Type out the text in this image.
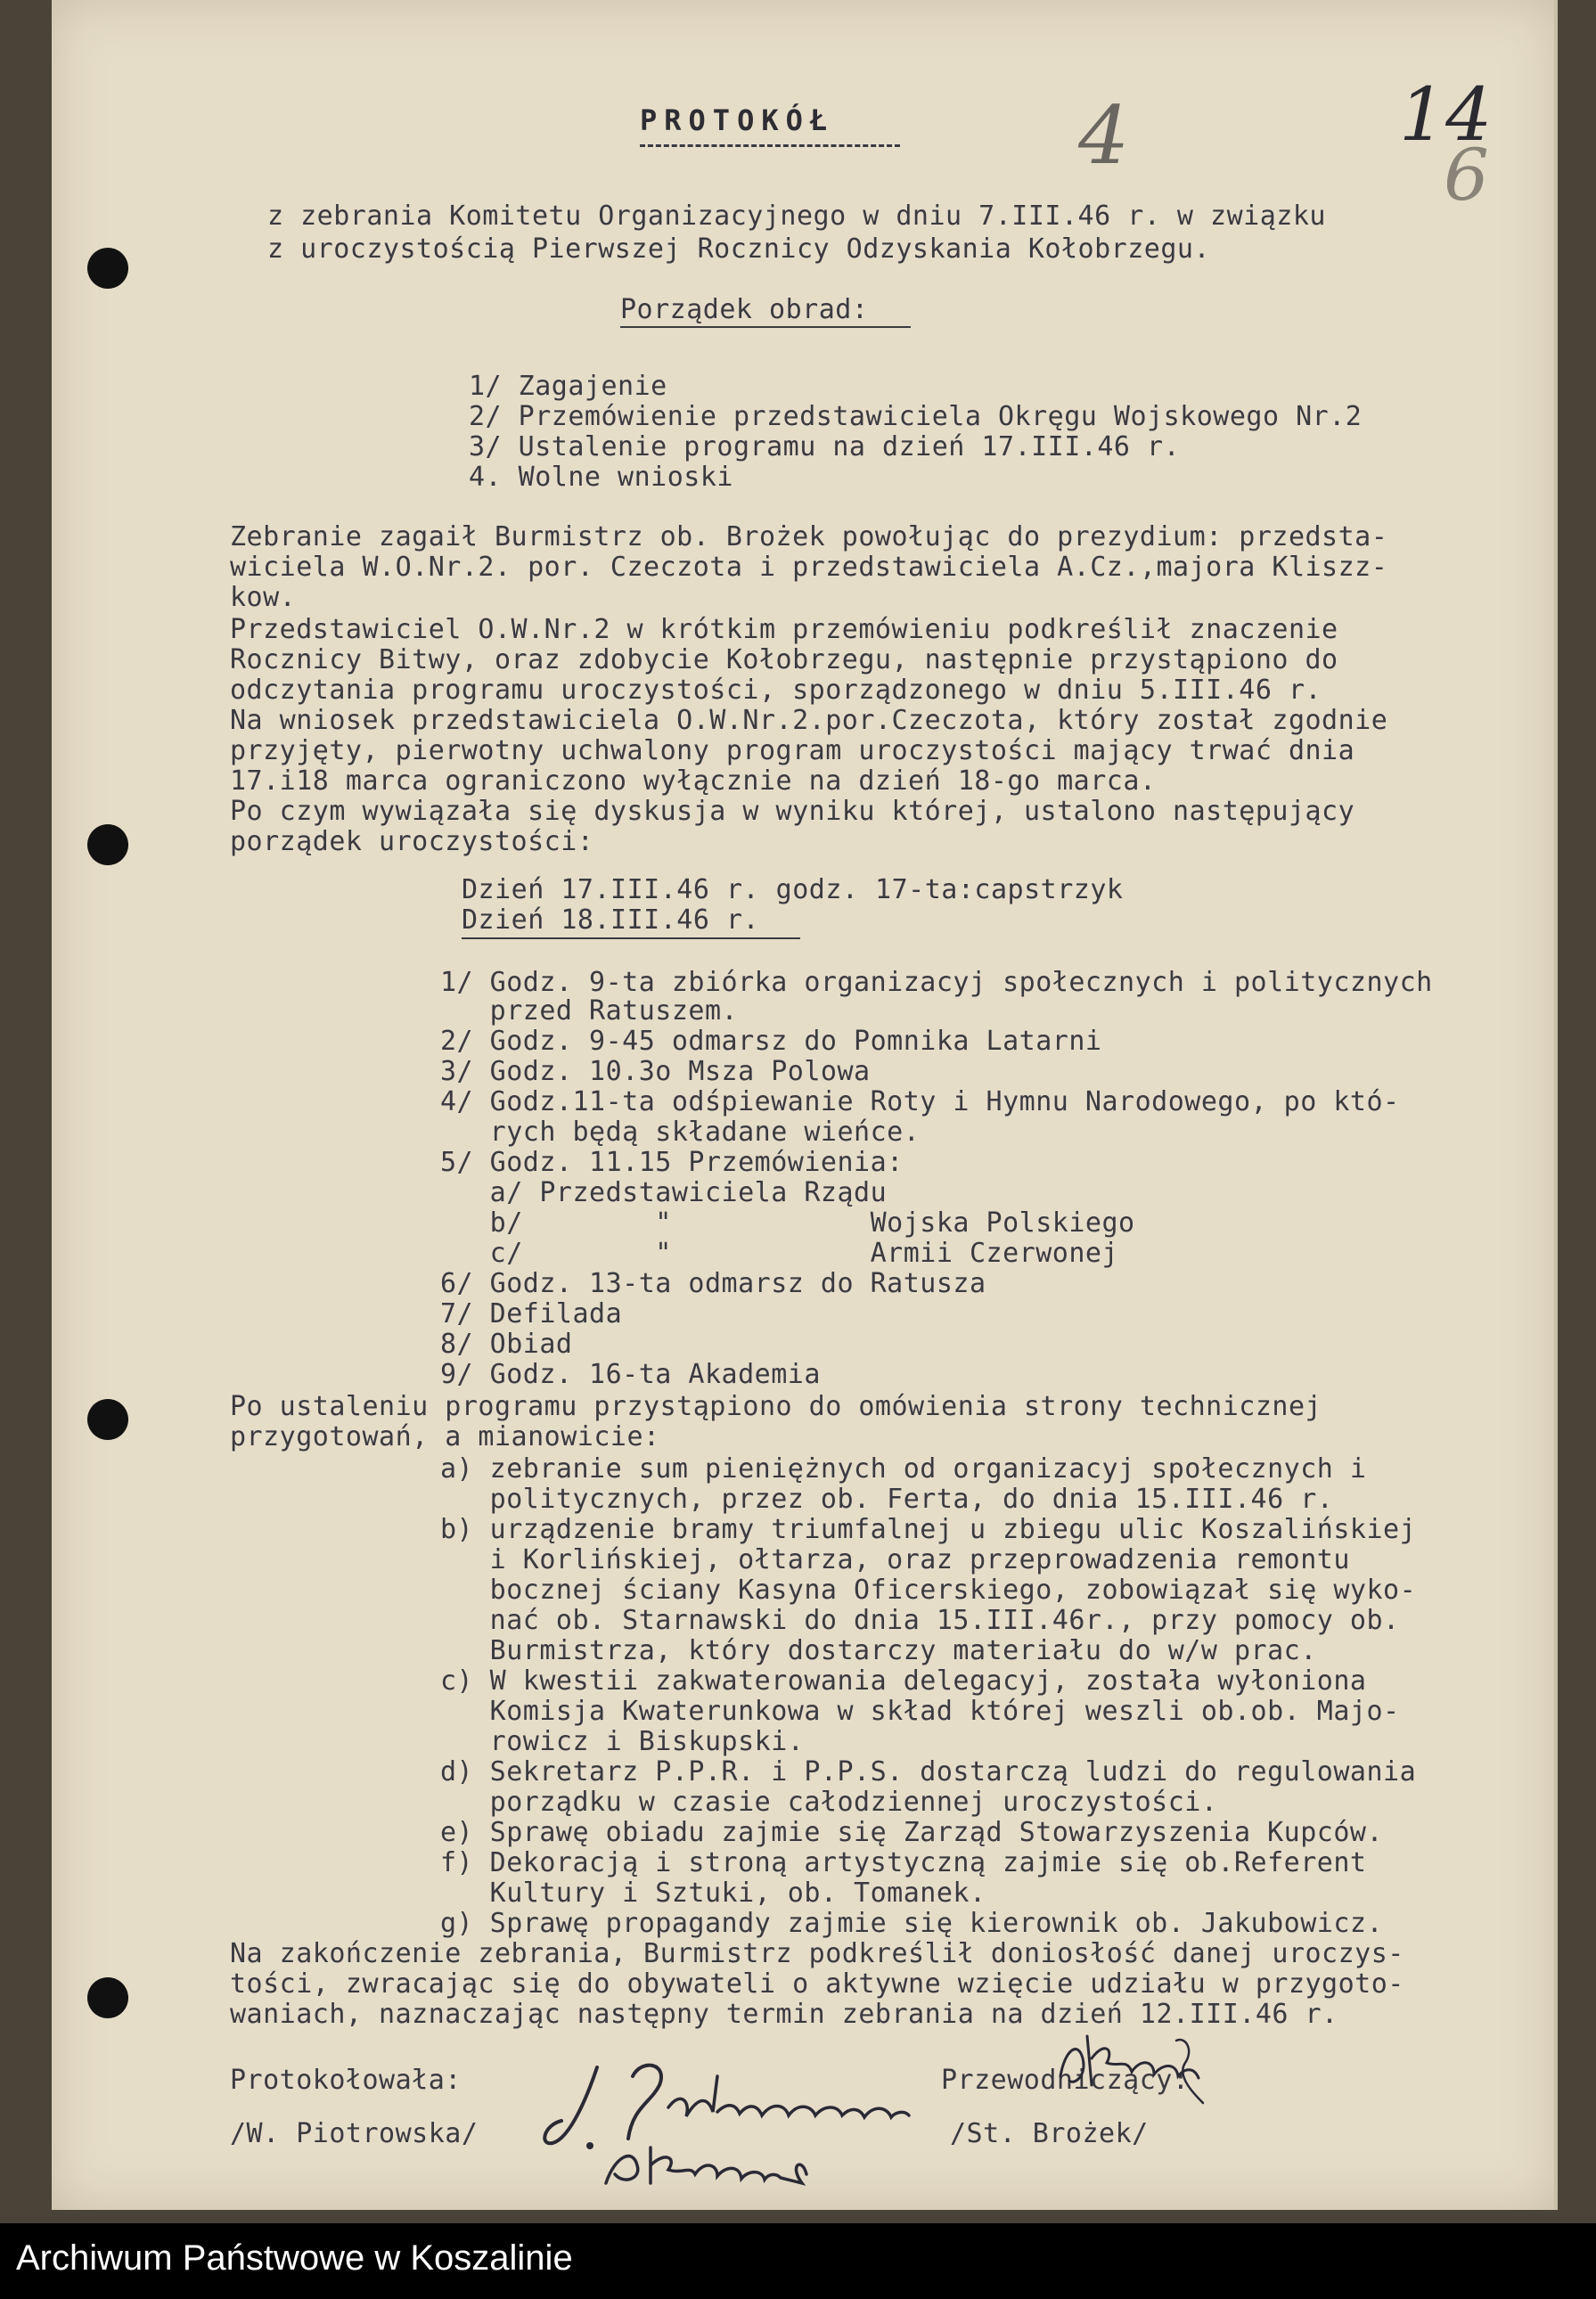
4	14
6
PROTOKÓŁ
z zebrania Komitetu Organizacyjnego w dniu 7.III.46 r. w związku
z uroczystością Pierwszej Rocznicy Odzyskania Kołobrzegu.
Porządek obrad:
1/ Zagajenie
2/ Przemówienie przedstawiciela Okręgu Wojskowego Nr.2
3/ Ustalenie programu na dzień 17.III.46 r.
4. Wolne wnioski
Zebranie zagaił Burmistrz ob. Brożek powołując do prezydium: przedsta-
wiciela W.O.Nr.2. por. Czeczota i przedstawiciela A.Cz.,majora Kliszz-
kow.
Przedstawiciel O.W.Nr.2 w krótkim przemówieniu podkreślił znaczenie
Rocznicy Bitwy, oraz zdobycie Kołobrzegu, następnie przystąpiono do
odczytania programu uroczystości, sporządzonego w dniu 5.III.46 r.
Na wniosek przedstawiciela O.W.Nr.2.por.Czeczota, który został zgodnie
przyjęty, pierwotny uchwalony program uroczystości mający trwać dnia
17.i18 marca ograniczono wyłącznie na dzień 18-go marca.
Po czym wywiązała się dyskusja w wyniku której, ustalono następujący
porządek uroczystości:
Dzień 17.III.46 r. godz. 17-ta:capstrzyk
Dzień 18.III.46 r.
1/ Godz. 9-ta zbiórka organizacyj społecznych i politycznych
przed Ratuszem.
2/ Godz. 9-45 odmarsz do Pomnika Latarni
3/ Godz. 10.3o Msza Polowa
4/ Godz.11-ta odśpiewanie Roty i Hymnu Narodowego, po któ-
rych będą składane wieńce.
5/ Godz. 11.15 Przemówienia:
a/ Przedstawiciela Rządu
b/        "            Wojska Polskiego
c/        "            Armii Czerwonej
6/ Godz. 13-ta odmarsz do Ratusza
7/ Defilada
8/ Obiad
9/ Godz. 16-ta Akademia
Po ustaleniu programu przystąpiono do omówienia strony technicznej
przygotowań, a mianowicie:
a) zebranie sum pieniężnych od organizacyj społecznych i
politycznych, przez ob. Ferta, do dnia 15.III.46 r.
b) urządzenie bramy triumfalnej u zbiegu ulic Koszalińskiej
i Korlińskiej, ołtarza, oraz przeprowadzenia remontu
bocznej ściany Kasyna Oficerskiego, zobowiązał się wyko-
nać ob. Starnawski do dnia 15.III.46r., przy pomocy ob.
Burmistrza, który dostarczy materiału do w/w prac.
c) W kwestii zakwaterowania delegacyj, została wyłoniona
Komisja Kwaterunkowa w skład której weszli ob.ob. Majo-
rowicz i Biskupski.
d) Sekretarz P.P.R. i P.P.S. dostarczą ludzi do regulowania
porządku w czasie całodziennej uroczystości.
e) Sprawę obiadu zajmie się Zarząd Stowarzyszenia Kupców.
f) Dekoracją i stroną artystyczną zajmie się ob.Referent
Kultury i Sztuki, ob. Tomanek.
g) Sprawę propagandy zajmie się kierownik ob. Jakubowicz.
Na zakończenie zebrania, Burmistrz podkreślił doniosłość danej uroczys-
tości, zwracając się do obywateli o aktywne wzięcie udziału w przygoto-
waniach, naznaczając następny termin zebrania na dzień 12.III.46 r.
Protokołowała:
/W. Piotrowska/
Przewodniczący:
/St. Brożek/
Archiwum Państwowe w Koszalinie
